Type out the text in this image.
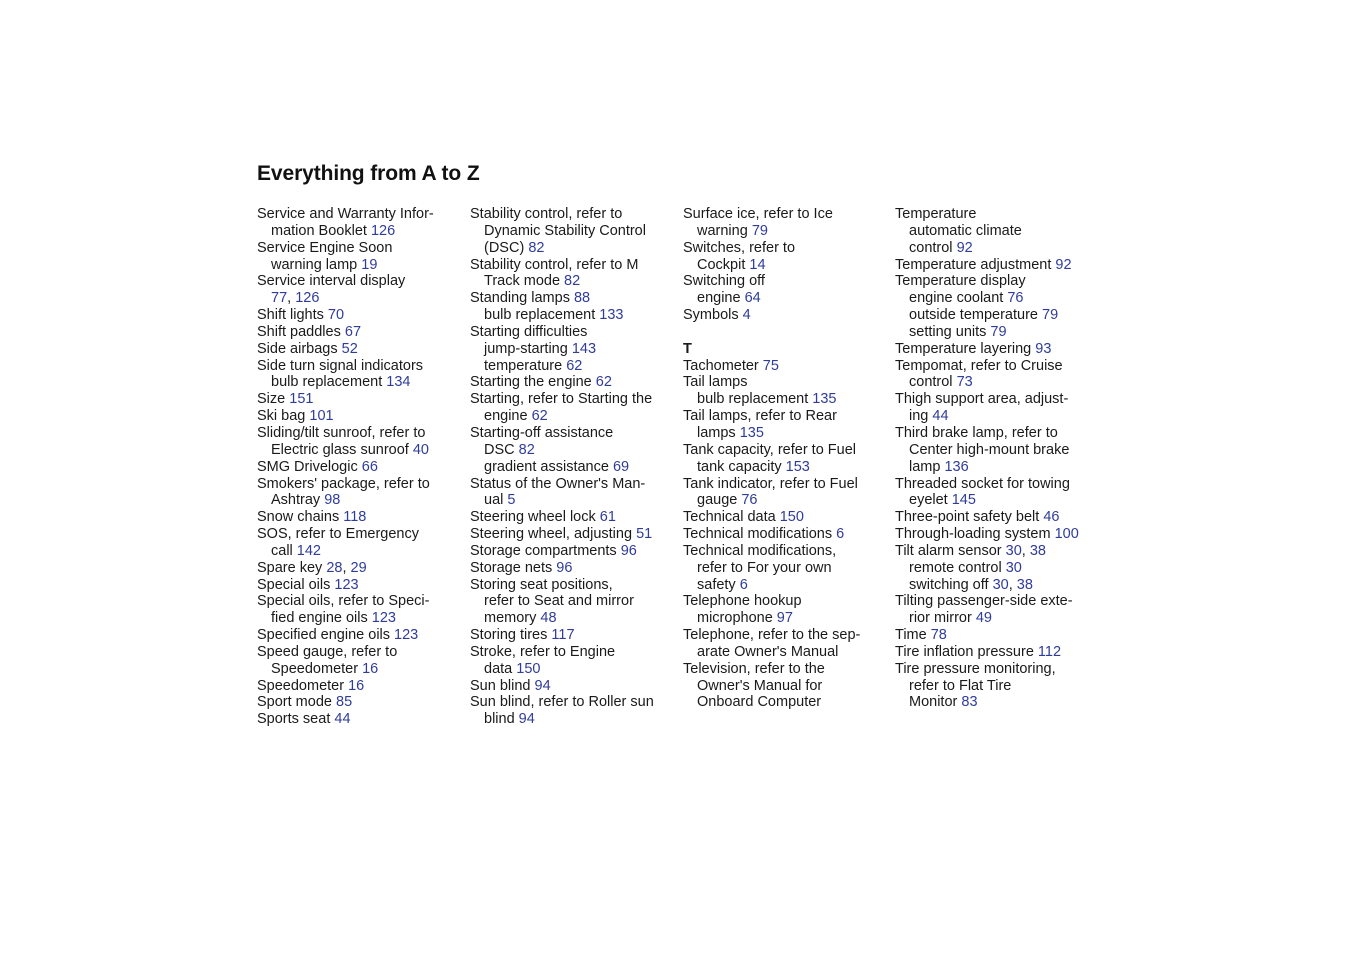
Everything from A to Z
Service and Warranty Infor-
mation Booklet 126
Service Engine Soon
warning lamp 19
Service interval display
77, 126
Shift lights 70
Shift paddles 67
Side airbags 52
Side turn signal indicators
bulb replacement 134
Size 151
Ski bag 101
Sliding/tilt sunroof, refer to
Electric glass sunroof 40
SMG Drivelogic 66
Smokers' package, refer to
Ashtray 98
Snow chains 118
SOS, refer to Emergency
call 142
Spare key 28, 29
Special oils 123
Special oils, refer to Speci-
fied engine oils 123
Specified engine oils 123
Speed gauge, refer to
Speedometer 16
Speedometer 16
Sport mode 85
Sports seat 44
Stability control, refer to
Dynamic Stability Control
(DSC) 82
Stability control, refer to M
Track mode 82
Standing lamps 88
bulb replacement 133
Starting difficulties
jump-starting 143
temperature 62
Starting the engine 62
Starting, refer to Starting the
engine 62
Starting-off assistance
DSC 82
gradient assistance 69
Status of the Owner's Man-
ual 5
Steering wheel lock 61
Steering wheel, adjusting 51
Storage compartments 96
Storage nets 96
Storing seat positions,
refer to Seat and mirror
memory 48
Storing tires 117
Stroke, refer to Engine
data 150
Sun blind 94
Sun blind, refer to Roller sun
blind 94
Surface ice, refer to Ice
warning 79
Switches, refer to
Cockpit 14
Switching off
engine 64
Symbols 4
T
Tachometer 75
Tail lamps
bulb replacement 135
Tail lamps, refer to Rear
lamps 135
Tank capacity, refer to Fuel
tank capacity 153
Tank indicator, refer to Fuel
gauge 76
Technical data 150
Technical modifications 6
Technical modifications,
refer to For your own
safety 6
Telephone hookup
microphone 97
Telephone, refer to the sep-
arate Owner's Manual
Television, refer to the
Owner's Manual for
Onboard Computer
Temperature
automatic climate
control 92
Temperature adjustment 92
Temperature display
engine coolant 76
outside temperature 79
setting units 79
Temperature layering 93
Tempomat, refer to Cruise
control 73
Thigh support area, adjust-
ing 44
Third brake lamp, refer to
Center high-mount brake
lamp 136
Threaded socket for towing
eyelet 145
Three-point safety belt 46
Through-loading system 100
Tilt alarm sensor 30, 38
remote control 30
switching off 30, 38
Tilting passenger-side exte-
rior mirror 49
Time 78
Tire inflation pressure 112
Tire pressure monitoring,
refer to Flat Tire
Monitor 83
